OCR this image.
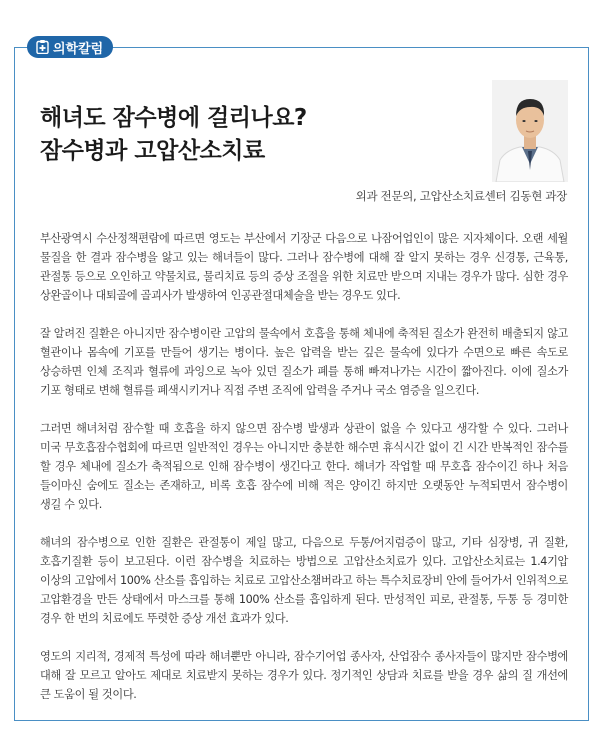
의학칼럼
해녀도 잠수병에 걸리나요?
잠수병과 고압산소치료
외과 전문의, 고압산소치료센터 김동현 과장

부산광역시 수산정책편람에 따르면 영도는 부산에서 기장군 다음으로 나잠어업인이 많은 지자체이다. 오랜 세월 물질을 한 결과 잠수병을 앓고 있는 해녀들이 많다. 그러나 잠수병에 대해 잘 알지 못하는 경우 신경통, 근육통, 관절통 등으로 오인하고 약물치료, 물리치료 등의 증상 조절을 위한 치료만 받으며 지내는 경우가 많다. 심한 경우 상완골이나 대퇴골에 골괴사가 발생하여 인공관절대체술을 받는 경우도 있다.

잘 알려진 질환은 아니지만 잠수병이란 고압의 물속에서 호흡을 통해 체내에 축적된 질소가 완전히 배출되지 않고 혈관이나 몸속에 기포를 만들어 생기는 병이다. 높은 압력을 받는 깊은 물속에 있다가 수면으로 빠른 속도로 상승하면 인체 조직과 혈류에 과잉으로 녹아 있던 질소가 폐를 통해 빠져나가는 시간이 짧아진다. 이에 질소가 기포 형태로 변해 혈류를 폐색시키거나 직접 주변 조직에 압력을 주거나 국소 염증을 일으킨다.

그러면 해녀처럼 잠수할 때 호흡을 하지 않으면 잠수병 발생과 상관이 없을 수 있다고 생각할 수 있다. 그러나 미국 무호흡잠수협회에 따르면 일반적인 경우는 아니지만 충분한 해수면 휴식시간 없이 긴 시간 반복적인 잠수를 할 경우 체내에 질소가 축적됨으로 인해 잠수병이 생긴다고 한다. 해녀가 작업할 때 무호흡 잠수이긴 하나 처음 들이마신 숨에도 질소는 존재하고, 비록 호흡 잠수에 비해 적은 양이긴 하지만 오랫동안 누적되면서 잠수병이 생길 수 있다.

해녀의 잠수병으로 인한 질환은 관절통이 제일 많고, 다음으로 두통/어지럼증이 많고, 기타 심장병, 귀 질환, 호흡기질환 등이 보고된다. 이런 잠수병을 치료하는 방법으로 고압산소치료가 있다. 고압산소치료는 1.4기압 이상의 고압에서 100% 산소를 흡입하는 치료로 고압산소챔버라고 하는 특수치료장비 안에 들어가서 인위적으로 고압환경을 만든 상태에서 마스크를 통해 100% 산소를 흡입하게 된다. 만성적인 피로, 관절통, 두통 등 경미한 경우 한 번의 치료에도 뚜렷한 증상 개선 효과가 있다.

영도의 지리적, 경제적 특성에 따라 해녀뿐만 아니라, 잠수기어업 종사자, 산업잠수 종사자들이 많지만 잠수병에 대해 잘 모르고 알아도 제대로 치료받지 못하는 경우가 있다. 정기적인 상담과 치료를 받을 경우 삶의 질 개선에 큰 도움이 될 것이다.
